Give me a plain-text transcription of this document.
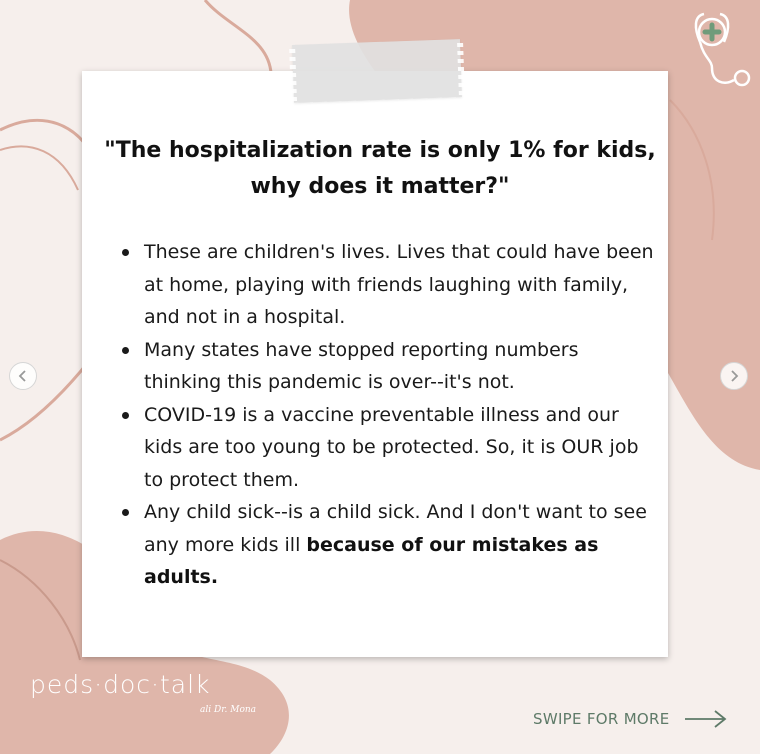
"The hospitalization rate is only 1% for kids,
why does it matter?"
These are children's lives. Lives that could have been at home, playing with friends laughing with family, and not in a hospital.
Many states have stopped reporting numbers thinking this pandemic is over--it's not.
COVID-19 is a vaccine preventable illness and our kids are too young to be protected. So, it is OUR job to protect them.
Any child sick--is a child sick. And I don't want to see any more kids ill because of our mistakes as adults.
peds·doc·talk
ali Dr. Mona	SWIPE FOR MORE
